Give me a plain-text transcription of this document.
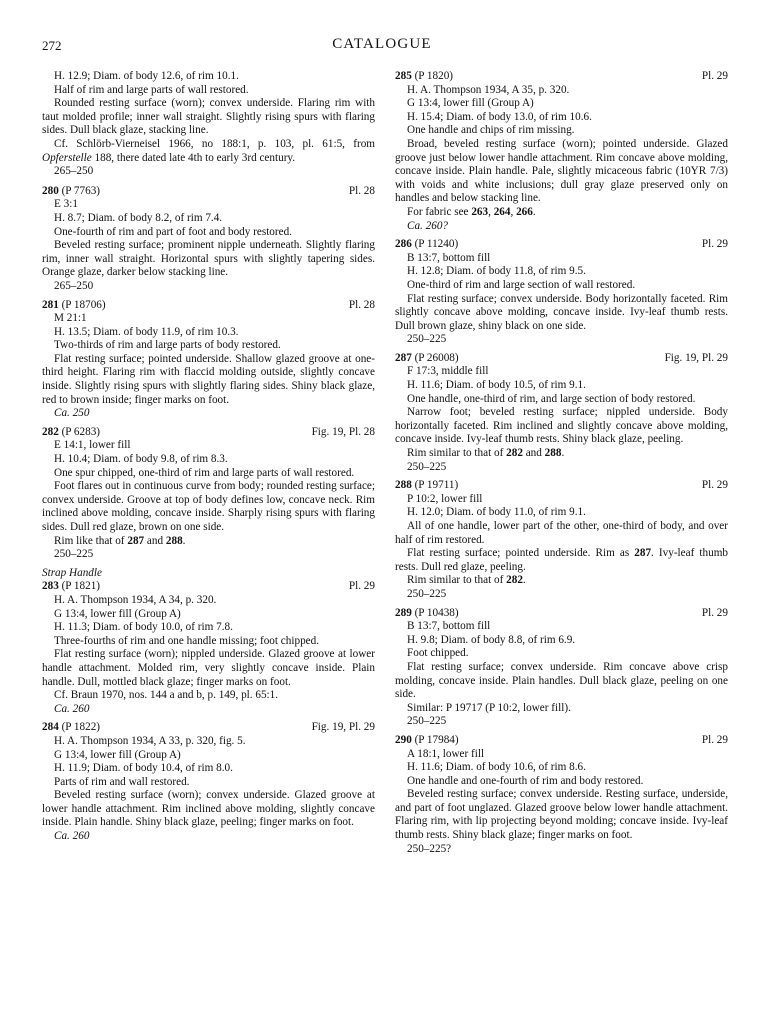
272	CATALOGUE
H. 12.9; Diam. of body 12.6, of rim 10.1.
Half of rim and large parts of wall restored.
Rounded resting surface (worn); convex underside. Flaring rim with taut molded profile; inner wall straight. Slightly rising spurs with flaring sides. Dull black glaze, stacking line.
Cf. Schlörb-Vierneisel 1966, no 188:1, p. 103, pl. 61:5, from Opferstelle 188, there dated late 4th to early 3rd century.
265–250
280 (P 7763)	Pl. 28
E 3:1
H. 8.7; Diam. of body 8.2, of rim 7.4.
One-fourth of rim and part of foot and body restored.
Beveled resting surface; prominent nipple underneath. Slightly flaring rim, inner wall straight. Horizontal spurs with slightly tapering sides. Orange glaze, darker below stacking line.
265–250
281 (P 18706)	Pl. 28
M 21:1
H. 13.5; Diam. of body 11.9, of rim 10.3.
Two-thirds of rim and large parts of body restored.
Flat resting surface; pointed underside. Shallow glazed groove at one-third height. Flaring rim with flaccid molding outside, slightly concave inside. Slightly rising spurs with slightly flaring sides. Shiny black glaze, red to brown inside; finger marks on foot.
Ca. 250
282 (P 6283)	Fig. 19, Pl. 28
E 14:1, lower fill
H. 10.4; Diam. of body 9.8, of rim 8.3.
One spur chipped, one-third of rim and large parts of wall restored.
Foot flares out in continuous curve from body; rounded resting surface; convex underside. Groove at top of body defines low, concave neck. Rim inclined above molding, concave inside. Sharply rising spurs with flaring sides. Dull red glaze, brown on one side.
Rim like that of 287 and 288.
250–225
Strap Handle
283 (P 1821)	Pl. 29
H. A. Thompson 1934, A 34, p. 320.
G 13:4, lower fill (Group A)
H. 11.3; Diam. of body 10.0, of rim 7.8.
Three-fourths of rim and one handle missing; foot chipped.
Flat resting surface (worn); nippled underside. Glazed groove at lower handle attachment. Molded rim, very slightly concave inside. Plain handle. Dull, mottled black glaze; finger marks on foot.
Cf. Braun 1970, nos. 144 a and b, p. 149, pl. 65:1.
Ca. 260
284 (P 1822)	Fig. 19, Pl. 29
H. A. Thompson 1934, A 33, p. 320, fig. 5.
G 13:4, lower fill (Group A)
H. 11.9; Diam. of body 10.4, of rim 8.0.
Parts of rim and wall restored.
Beveled resting surface (worn); convex underside. Glazed groove at lower handle attachment. Rim inclined above molding, slightly concave inside. Plain handle. Shiny black glaze, peeling; finger marks on foot.
Ca. 260
285 (P 1820)	Pl. 29
H. A. Thompson 1934, A 35, p. 320.
G 13:4, lower fill (Group A)
H. 15.4; Diam. of body 13.0, of rim 10.6.
One handle and chips of rim missing.
Broad, beveled resting surface (worn); pointed underside. Glazed groove just below lower handle attachment. Rim concave above molding, concave inside. Plain handle. Pale, slightly micaceous fabric (10YR 7/3) with voids and white inclusions; dull gray glaze preserved only on handles and below stacking line.
For fabric see 263, 264, 266.
Ca. 260?
286 (P 11240)	Pl. 29
B 13:7, bottom fill
H. 12.8; Diam. of body 11.8, of rim 9.5.
One-third of rim and large section of wall restored.
Flat resting surface; convex underside. Body horizontally faceted. Rim slightly concave above molding, concave inside. Ivy-leaf thumb rests. Dull brown glaze, shiny black on one side.
250–225
287 (P 26008)	Fig. 19, Pl. 29
F 17:3, middle fill
H. 11.6; Diam. of body 10.5, of rim 9.1.
One handle, one-third of rim, and large section of body restored.
Narrow foot; beveled resting surface; nippled underside. Body horizontally faceted. Rim inclined and slightly concave above molding, concave inside. Ivy-leaf thumb rests. Shiny black glaze, peeling.
Rim similar to that of 282 and 288.
250–225
288 (P 19711)	Pl. 29
P 10:2, lower fill
H. 12.0; Diam. of body 11.0, of rim 9.1.
All of one handle, lower part of the other, one-third of body, and over half of rim restored.
Flat resting surface; pointed underside. Rim as 287. Ivy-leaf thumb rests. Dull red glaze, peeling.
Rim similar to that of 282.
250–225
289 (P 10438)	Pl. 29
B 13:7, bottom fill
H. 9.8; Diam. of body 8.8, of rim 6.9.
Foot chipped.
Flat resting surface; convex underside. Rim concave above crisp molding, concave inside. Plain handles. Dull black glaze, peeling on one side.
Similar: P 19717 (P 10:2, lower fill).
250–225
290 (P 17984)	Pl. 29
A 18:1, lower fill
H. 11.6; Diam. of body 10.6, of rim 8.6.
One handle and one-fourth of rim and body restored.
Beveled resting surface; convex underside. Resting surface, underside, and part of foot unglazed. Glazed groove below lower handle attachment. Flaring rim, with lip projecting beyond molding; concave inside. Ivy-leaf thumb rests. Shiny black glaze; finger marks on foot.
250–225?
